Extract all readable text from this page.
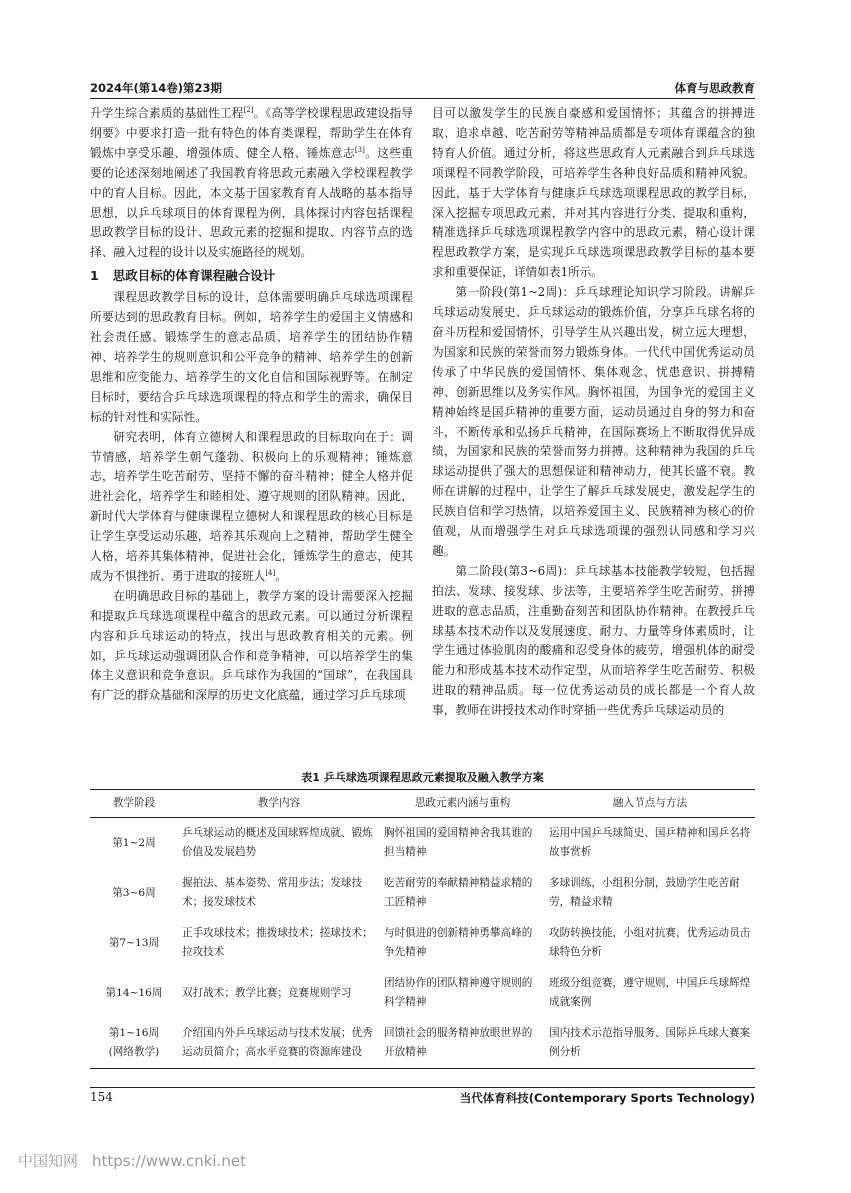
2024年(第14卷)第23期	体育与思政教育

升学生综合素质的基础性工程[2]。《高等学校课程思政建设指导纲要》中要求打造一批有特色的体育类课程，帮助学生在体育锻炼中享受乐趣、增强体质、健全人格、锤炼意志[3]。这些重要的论述深刻地阐述了我国教育将思政元素融入学校课程教学中的育人目标。因此，本文基于国家教育育人战略的基本指导思想，以乒乓球项目的体育课程为例，具体探讨内容包括课程思政教学目标的设计、思政元素的挖掘和提取、内容节点的选择、融入过程的设计以及实施路径的规划。

1 思政目标的体育课程融合设计

课程思政教学目标的设计，总体需要明确乒乓球选项课程所要达到的思政教育目标。例如，培养学生的爱国主义情感和社会责任感、锻炼学生的意志品质、培养学生的团结协作精神、培养学生的规则意识和公平竞争的精神、培养学生的创新思维和应变能力、培养学生的文化自信和国际视野等。在制定目标时，要结合乒乓球选项课程的特点和学生的需求，确保目标的针对性和实际性。

研究表明，体育立德树人和课程思政的目标取向在于：调节情感，培养学生朝气蓬勃、积极向上的乐观精神；锤炼意志，培养学生吃苦耐劳、坚持不懈的奋斗精神；健全人格并促进社会化，培养学生和睦相处、遵守规则的团队精神。因此，新时代大学体育与健康课程立德树人和课程思政的核心目标是让学生享受运动乐趣，培养其乐观向上之精神，帮助学生健全人格，培养其集体精神，促进社会化，锤炼学生的意志，使其成为不惧挫折、勇于进取的接班人[4]。

在明确思政目标的基础上，教学方案的设计需要深入挖掘和提取乒乓球选项课程中蕴含的思政元素。可以通过分析课程内容和乒乓球运动的特点，找出与思政教育相关的元素。例如，乒乓球运动强调团队合作和竞争精神，可以培养学生的集体主义意识和竞争意识。乒乓球作为我国的“国球”，在我国具有广泛的群众基础和深厚的历史文化底蕴，通过学习乒乓球项

目可以激发学生的民族自豪感和爱国情怀；其蕴含的拼搏进取、追求卓越、吃苦耐劳等精神品质都是专项体育课蕴含的独特育人价值。通过分析，将这些思政育人元素融合到乒乓球选项课程不同教学阶段，可培养学生各种良好品质和精神风貌。因此，基于大学体育与健康乒乓球选项课程思政的教学目标，深入挖掘专项思政元素，并对其内容进行分类、提取和重构，精准选择乒乓球选项课程教学内容中的思政元素，精心设计课程思政教学方案，是实现乒乓球选项课思政教学目标的基本要求和重要保证，详情如表1所示。

第一阶段(第1~2周)：乒乓球理论知识学习阶段。讲解乒乓球运动发展史、乒乓球运动的锻炼价值，分享乒乓球名将的奋斗历程和爱国情怀，引导学生从兴趣出发，树立远大理想，为国家和民族的荣誉而努力锻炼身体。一代代中国优秀运动员传承了中华民族的爱国情怀、集体观念、忧患意识、拼搏精神、创新思维以及务实作风。胸怀祖国，为国争光的爱国主义精神始终是国乒精神的重要方面，运动员通过自身的努力和奋斗，不断传承和弘扬乒乓精神，在国际赛场上不断取得优异成绩，为国家和民族的荣誉而努力拼搏。这种精神为我国的乒乓球运动提供了强大的思想保证和精神动力，使其长盛不衰。教师在讲解的过程中，让学生了解乒乓球发展史，激发起学生的民族自信和学习热情，以培养爱国主义、民族精神为核心的价值观，从而增强学生对乒乓球选项课的强烈认同感和学习兴趣。

第二阶段(第3~6周)：乒乓球基本技能教学较短，包括握拍法、发球、接发球、步法等，主要培养学生吃苦耐劳、拼搏进取的意志品质，注重勤奋刻苦和团队协作精神。在教授乒乓球基本技术动作以及发展速度、耐力、力量等身体素质时，让学生通过体验肌肉的酸痛和忍受身体的疲劳，增强机体的耐受能力和形成基本技术动作定型，从而培养学生吃苦耐劳、积极进取的精神品质。每一位优秀运动员的成长都是一个育人故事，教师在讲授技术动作时穿插一些优秀乒乓球运动员的

表1 乒乓球选项课程思政元素提取及融入教学方案
教学阶段	教学内容	思政元素内涵与重构	融入节点与方法
第1~2周	乒乓球运动的概述及国球辉煌成就、锻炼价值及发展趋势	胸怀祖国的爱国精神舍我其谁的担当精神	运用中国乒乓球简史、国乒精神和国乒名将故事赏析
第3~6周	握拍法、基本姿势、常用步法；发球技术；接发球技术	吃苦耐劳的奉献精神精益求精的工匠精神	多球训练，小组积分制，鼓励学生吃苦耐劳，精益求精
第7~13周	正手攻球技术；推拨球技术；搓球技术；拉攻技术	与时俱进的创新精神勇攀高峰的争先精神	攻防转换技能，小组对抗赛，优秀运动员击球特色分析
第14~16周	双打战术；教学比赛；竞赛规则学习	团结协作的团队精神遵守规则的科学精神	班级分组竞赛，遵守规则，中国乒乓球辉煌成就案例
第1~16周
(网络教学)	介绍国内外乒乓球运动与技术发展；优秀运动员简介；高水平竞赛的资源库建设	回馈社会的服务精神放眼世界的开放精神	国内技术示范指导服务、国际乒乓球大赛案例分析
154	当代体育科技(Contemporary Sports Technology)
中国知网 https://www.cnki.net
